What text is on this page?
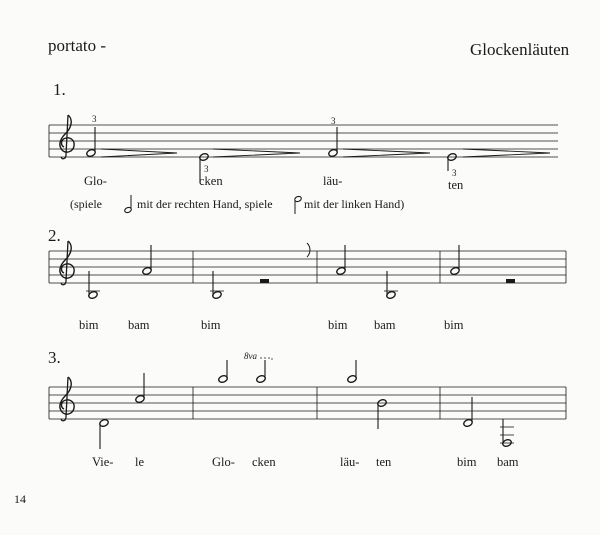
portato -	Glockenläuten
1.
2.
3.
3
3
3
3
Glo-	cken	läu-	ten
(spiele	mit der rechten Hand, spiele	mit der linken Hand)
bim bam	bim	bim bam	bim
8va
Vie- le	Glo- cken	läu- ten	bim bam
14
